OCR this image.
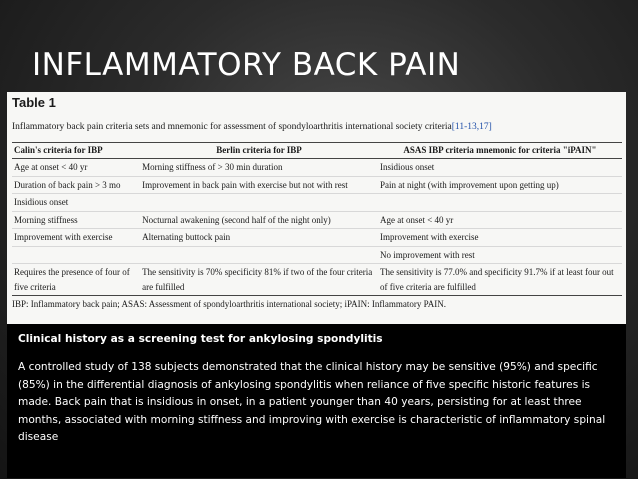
INFLAMMATORY BACK PAIN
Table 1
Inflammatory back pain criteria sets and mnemonic for assessment of spondyloarthritis international society criteria[11-13,17]
Calin's criteria for IBP	Berlin criteria for IBP	ASAS IBP criteria mnemonic for criteria "iPAIN"
Age at onset < 40 yr	Morning stiffness of > 30 min duration	Insidious onset
Duration of back pain > 3 mo	Improvement in back pain with exercise but not with rest	Pain at night (with improvement upon getting up)
Insidious onset		
Morning stiffness	Nocturnal awakening (second half of the night only)	Age at onset < 40 yr
Improvement with exercise	Alternating buttock pain	Improvement with exercise
		No improvement with rest
Requires the presence of four of five criteria	The sensitivity is 70% specificity 81% if two of the four criteria are fulfilled	The sensitivity is 77.0% and specificity 91.7% if at least four out of five criteria are fulfilled
IBP: Inflammatory back pain; ASAS: Assessment of spondyloarthritis international society; iPAIN: Inflammatory PAIN.
Clinical history as a screening test for ankylosing spondylitis

A controlled study of 138 subjects demonstrated that the clinical history may be sensitive (95%) and specific (85%) in the differential diagnosis of ankylosing spondylitis when reliance of five specific historic features is made. Back pain that is insidious in onset, in a patient younger than 40 years, persisting for at least three months, associated with morning stiffness and improving with exercise is characteristic of inflammatory spinal disease
